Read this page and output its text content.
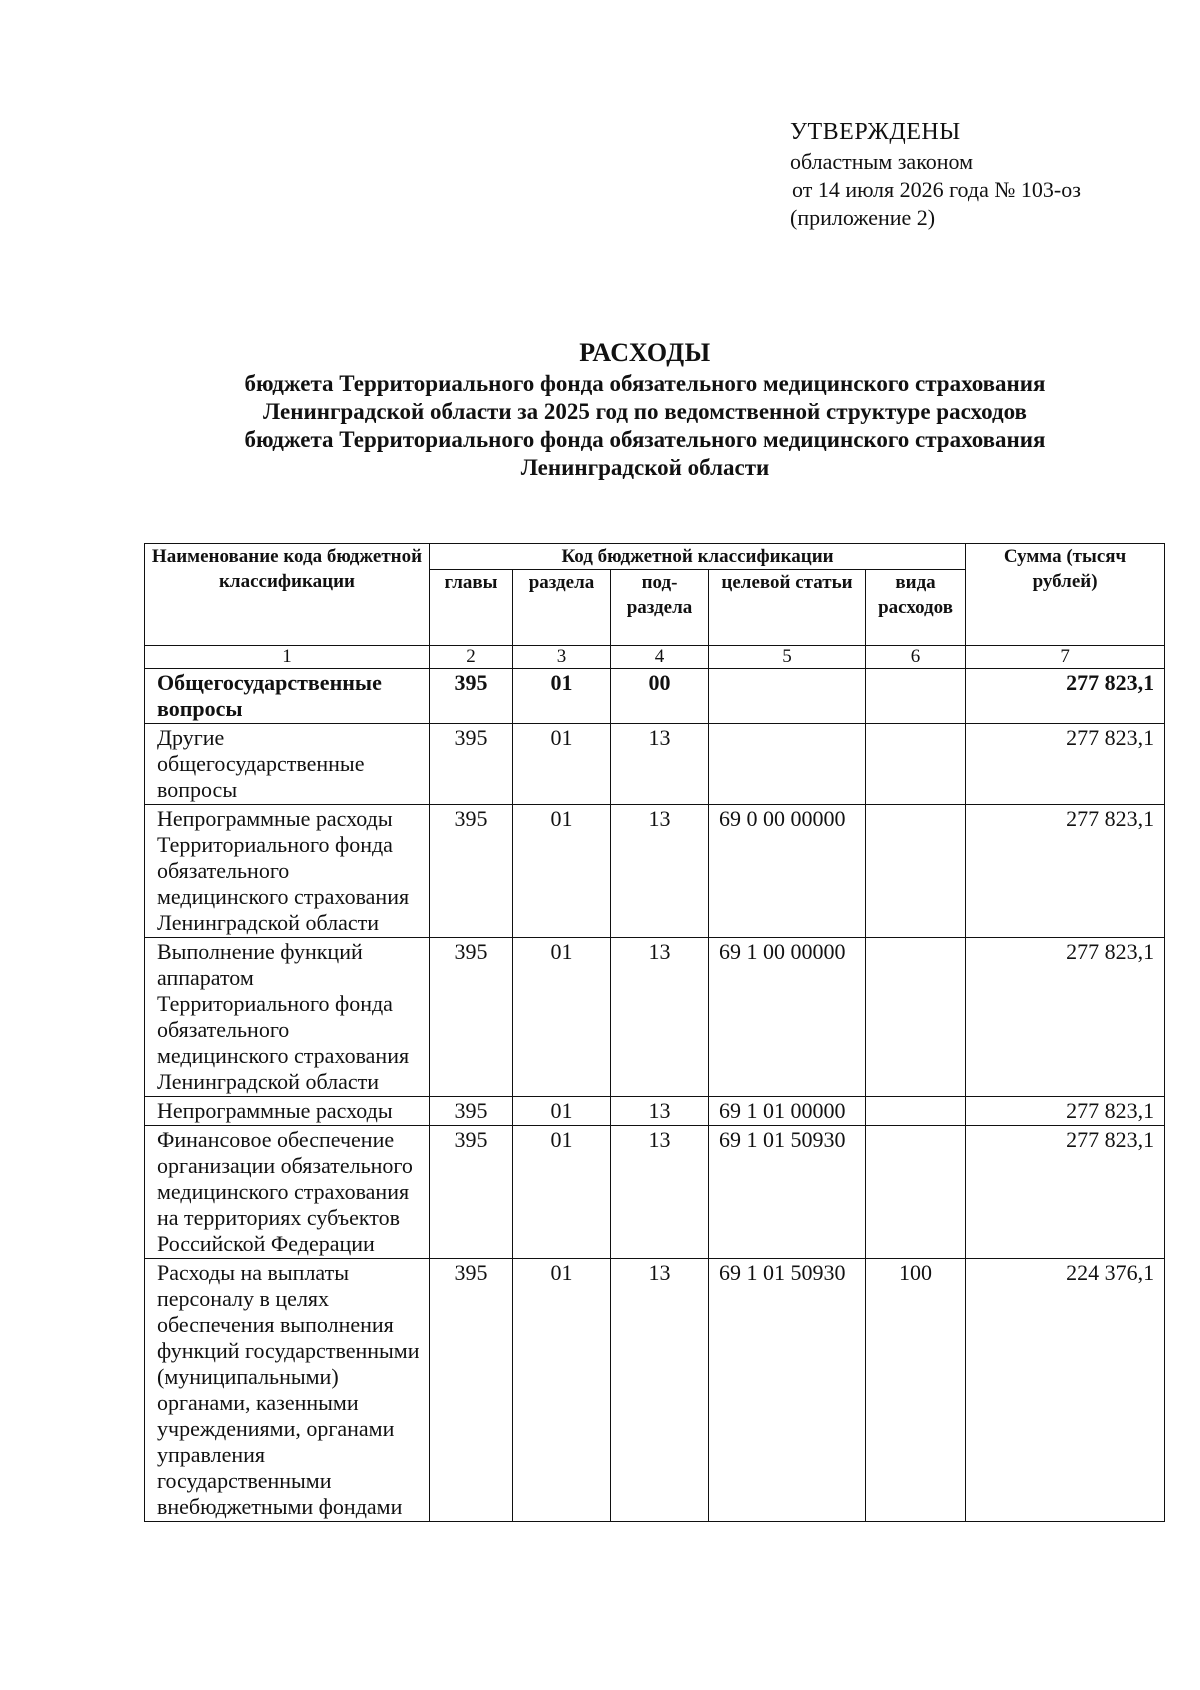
УТВЕРЖДЕНЫ
областным законом
от 14 июля 2026 года № 103-оз
(приложение 2)
РАСХОДЫ
бюджета Территориального фонда обязательного медицинского страхования
Ленинградской области за 2025 год по ведомственной структуре расходов
бюджета Территориального фонда обязательного медицинского страхования
Ленинградской области
Наименование кода бюджетной классификации	Код бюджетной классификации					Сумма (тысяч рублей)
	главы	раздела	под-раздела	целевой статьи	вида расходов	
1	2	3	4	5	6	7
Общегосударственные вопросы	395	01	00			277 823,1
Другие общегосударственные вопросы	395	01	13			277 823,1
Непрограммные расходы Территориального фонда обязательного медицинского страхования Ленинградской области	395	01	13	69 0 00 00000		277 823,1
Выполнение функций аппаратом Территориального фонда обязательного медицинского страхования Ленинградской области	395	01	13	69 1 00 00000		277 823,1
Непрограммные расходы	395	01	13	69 1 01 00000		277 823,1
Финансовое обеспечение организации обязательного медицинского страхования на территориях субъектов Российской Федерации	395	01	13	69 1 01 50930		277 823,1
Расходы на выплаты персоналу в целях обеспечения выполнения функций государственными (муниципальными) органами, казенными учреждениями, органами управления государственными внебюджетными фондами	395	01	13	69 1 01 50930	100	224 376,1
